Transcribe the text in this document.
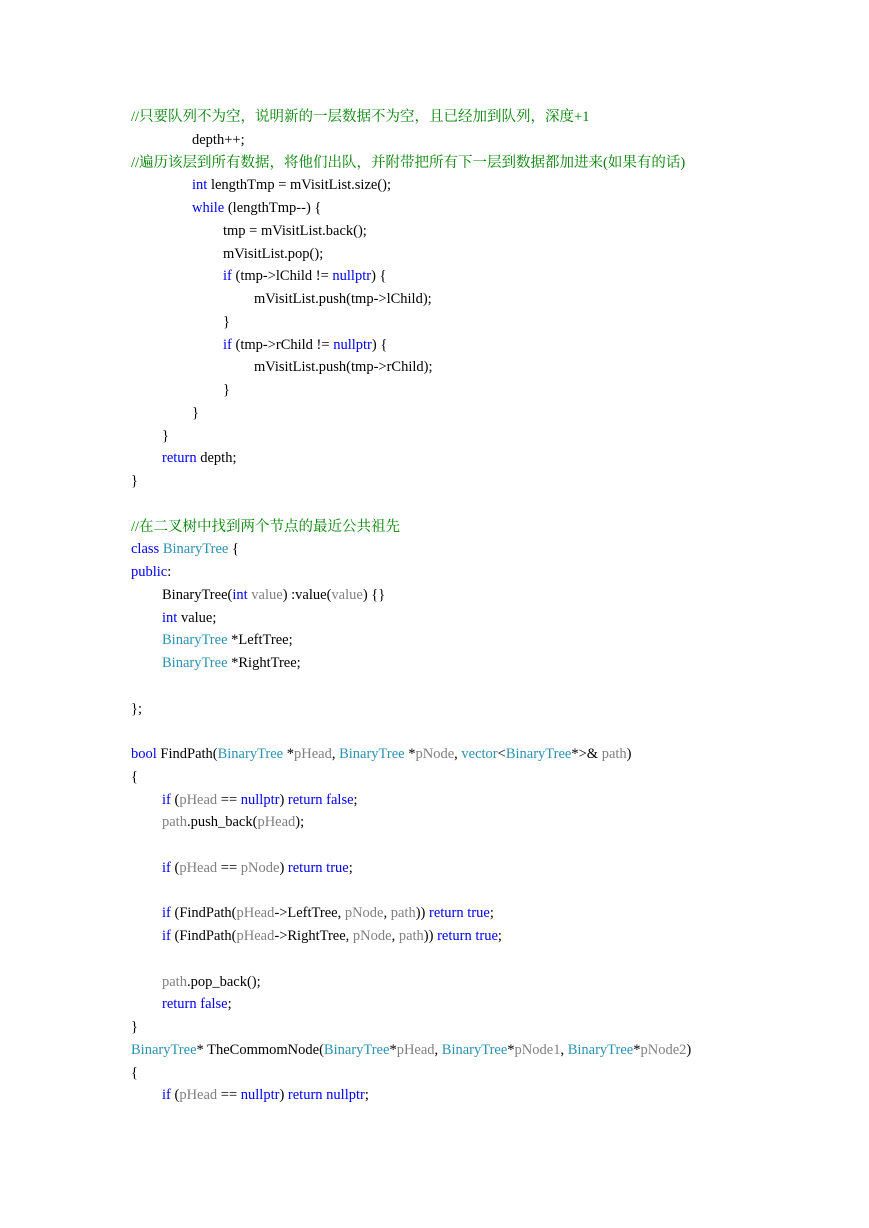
//只要队列不为空，说明新的一层数据不为空，且已经加到队列，深度+1
depth++;
//遍历该层到所有数据，将他们出队，并附带把所有下一层到数据都加进来(如果有的话)
int lengthTmp = mVisitList.size();
while (lengthTmp--) {
tmp = mVisitList.back();
mVisitList.pop();
if (tmp->lChild != nullptr) {
mVisitList.push(tmp->lChild);
}
if (tmp->rChild != nullptr) {
mVisitList.push(tmp->rChild);
}
}
}
return depth;
}
//在二叉树中找到两个节点的最近公共祖先
class BinaryTree {
public:
BinaryTree(int value) :value(value) {}
int value;
BinaryTree *LeftTree;
BinaryTree *RightTree;
};
bool FindPath(BinaryTree *pHead, BinaryTree *pNode, vector<BinaryTree*>& path)
{
if (pHead == nullptr) return false;
path.push_back(pHead);
if (pHead == pNode) return true;
if (FindPath(pHead->LeftTree, pNode, path)) return true;
if (FindPath(pHead->RightTree, pNode, path)) return true;
path.pop_back();
return false;
}
BinaryTree* TheCommomNode(BinaryTree*pHead, BinaryTree*pNode1, BinaryTree*pNode2)
{
if (pHead == nullptr) return nullptr;
